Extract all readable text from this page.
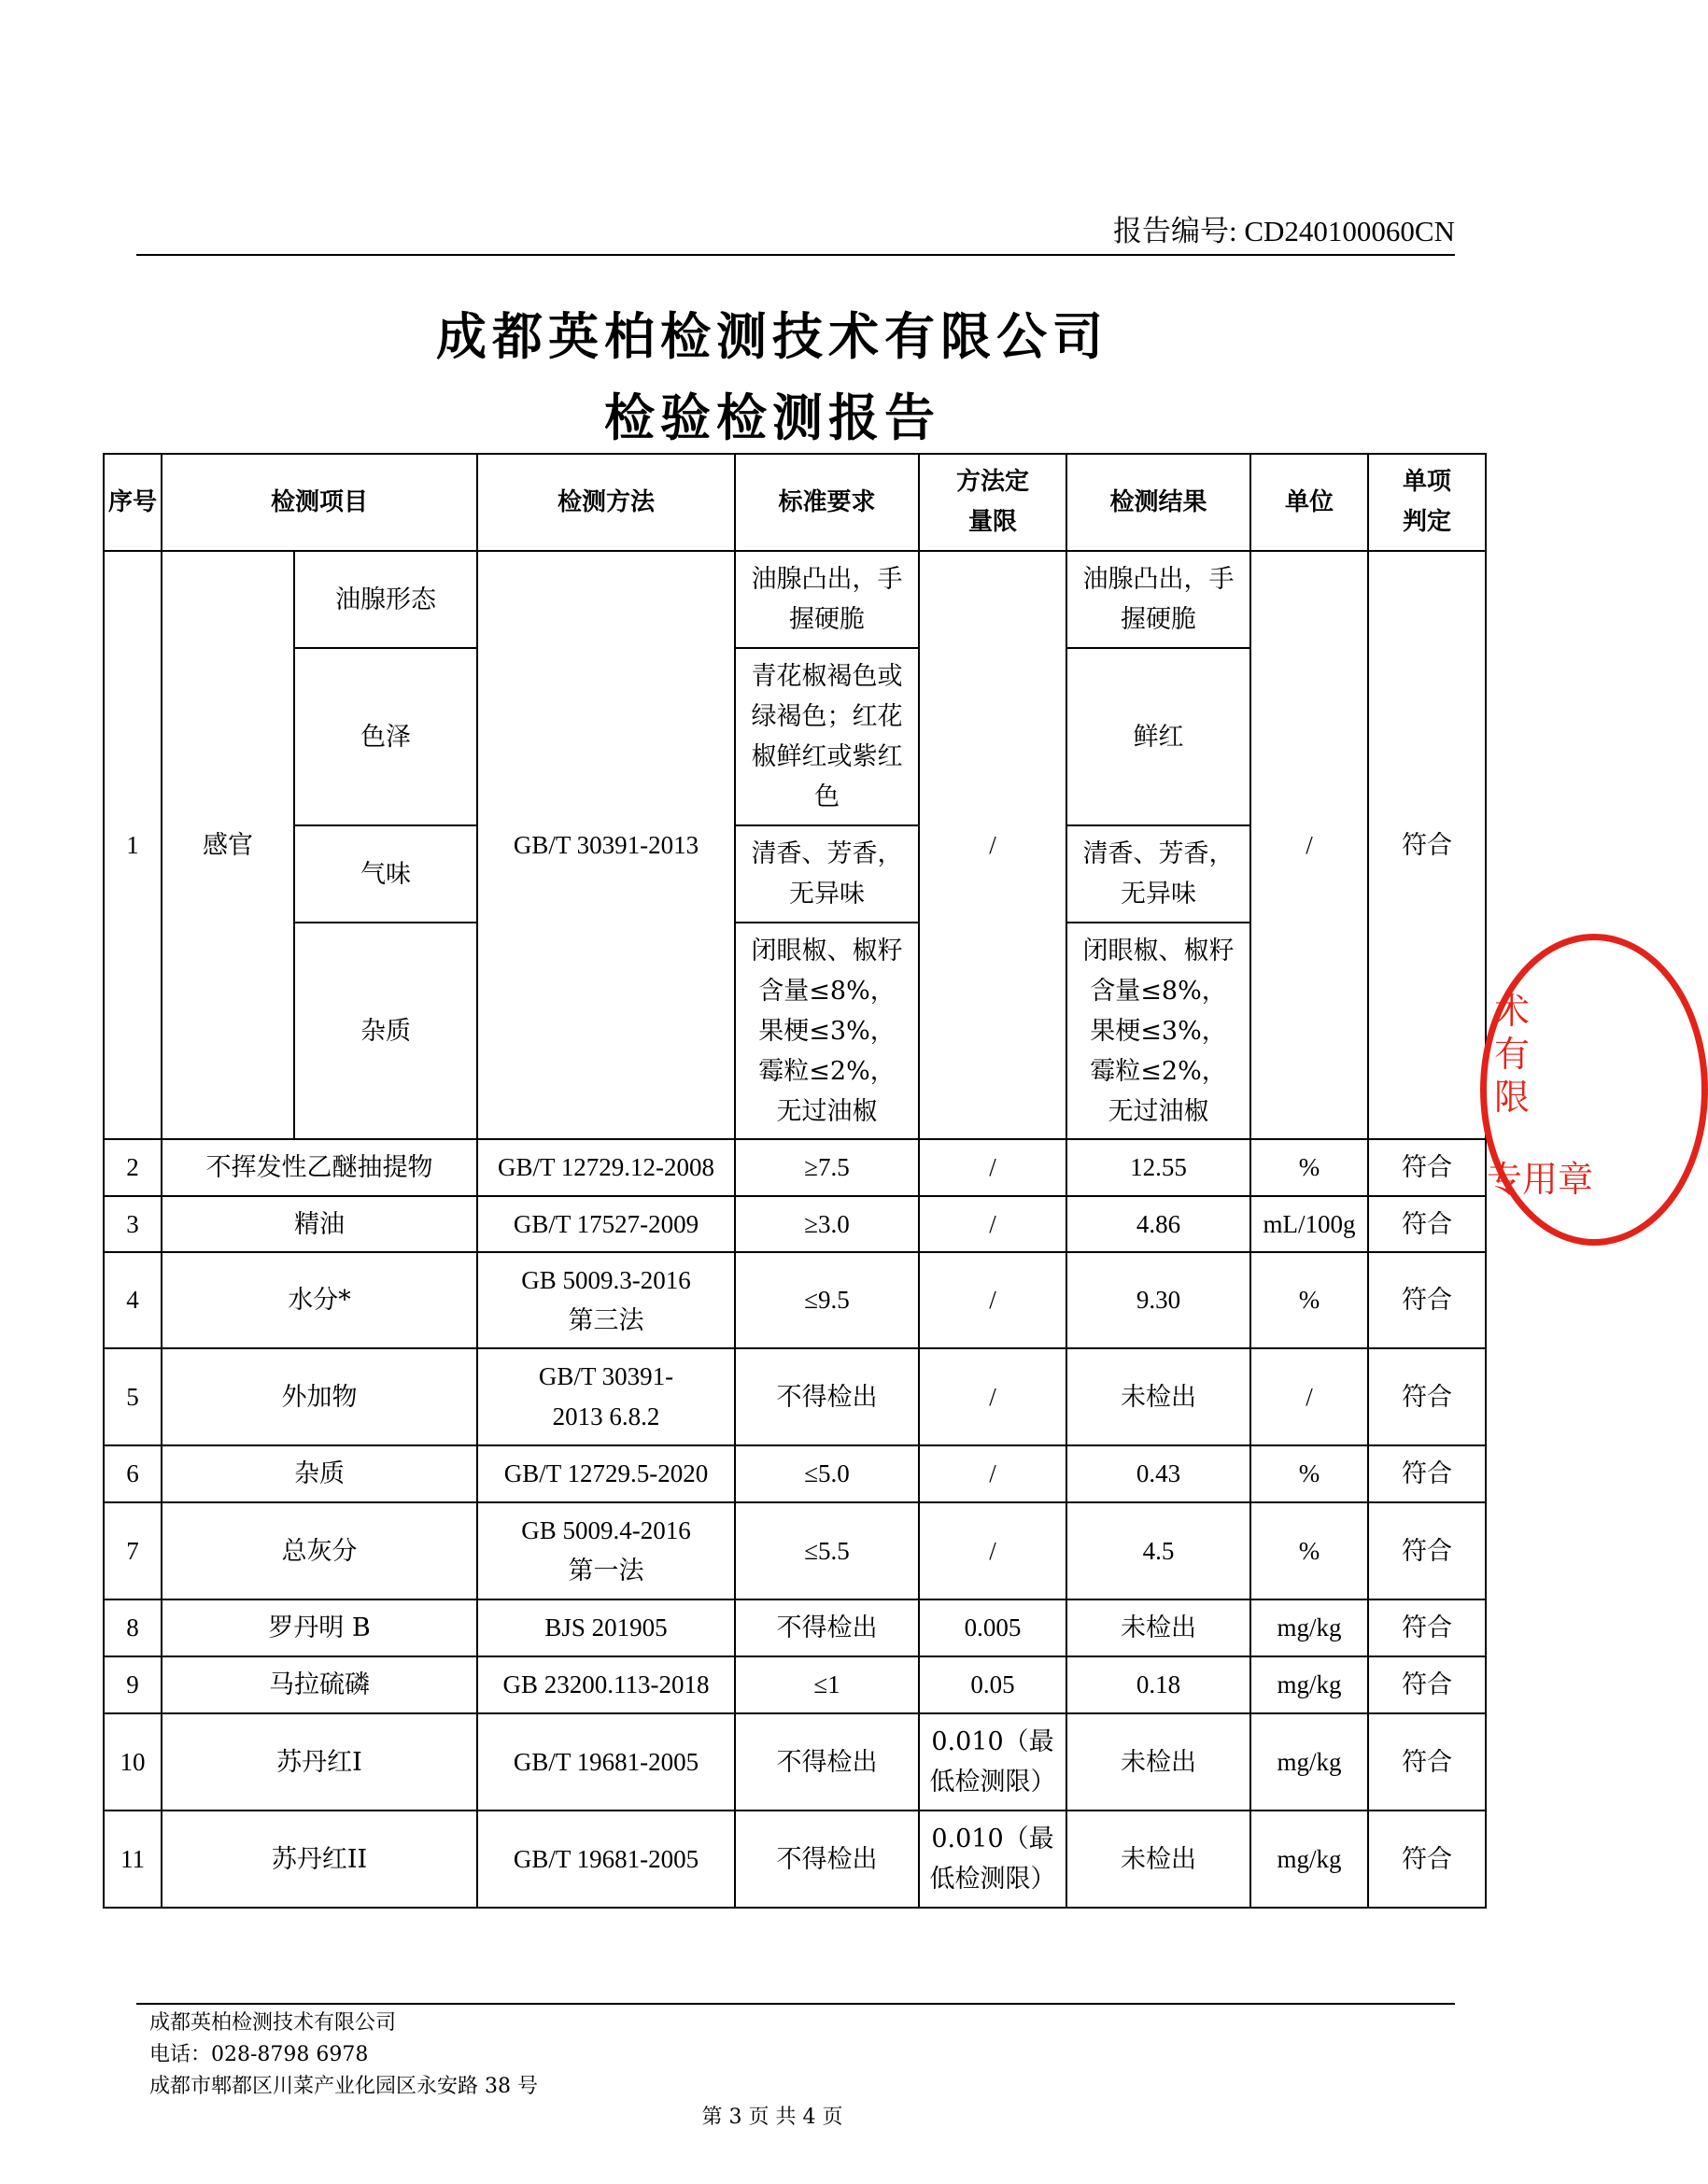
报告编号: CD240100060CN
成都英柏检测技术有限公司
检验检测报告
序号	检测项目		检测方法	标准要求	方法定量限	检测结果	单位	单项判定
1	感官	油腺形态	GB/T 30391-2013	油腺凸出，手握硬脆	/	油腺凸出，手握硬脆	/	符合
		色泽		青花椒褐色或绿褐色；红花椒鲜红或紫红色		鲜红		
		气味		清香、芳香，无异味		清香、芳香，无异味		
		杂质		闭眼椒、椒籽含量≤8%，果梗≤3%，霉粒≤2%，无过油椒		闭眼椒、椒籽含量≤8%，果梗≤3%，霉粒≤2%，无过油椒		
2	不挥发性乙醚抽提物		GB/T 12729.12-2008	≥7.5	/	12.55	%	符合
3	精油		GB/T 17527-2009	≥3.0	/	4.86	mL/100g	符合
4	水分*		GB 5009.3-2016 第三法	≤9.5	/	9.30	%	符合
5	外加物		GB/T 30391-2013 6.8.2	不得检出	/	未检出	/	符合
6	杂质		GB/T 12729.5-2020	≤5.0	/	0.43	%	符合
7	总灰分		GB 5009.4-2016 第一法	≤5.5	/	4.5	%	符合
8	罗丹明 B		BJS 201905	不得检出	0.005	未检出	mg/kg	符合
9	马拉硫磷		GB 23200.113-2018	≤1	0.05	0.18	mg/kg	符合
10	苏丹红I		GB/T 19681-2005	不得检出	0.010（最低检测限）	未检出	mg/kg	符合
11	苏丹红II		GB/T 19681-2005	不得检出	0.010（最低检测限）	未检出	mg/kg	符合
术有限
专用章
成都英柏检测技术有限公司
电话：028-8798 6978
成都市郫都区川菜产业化园区永安路 38 号
第 3 页 共 4 页
